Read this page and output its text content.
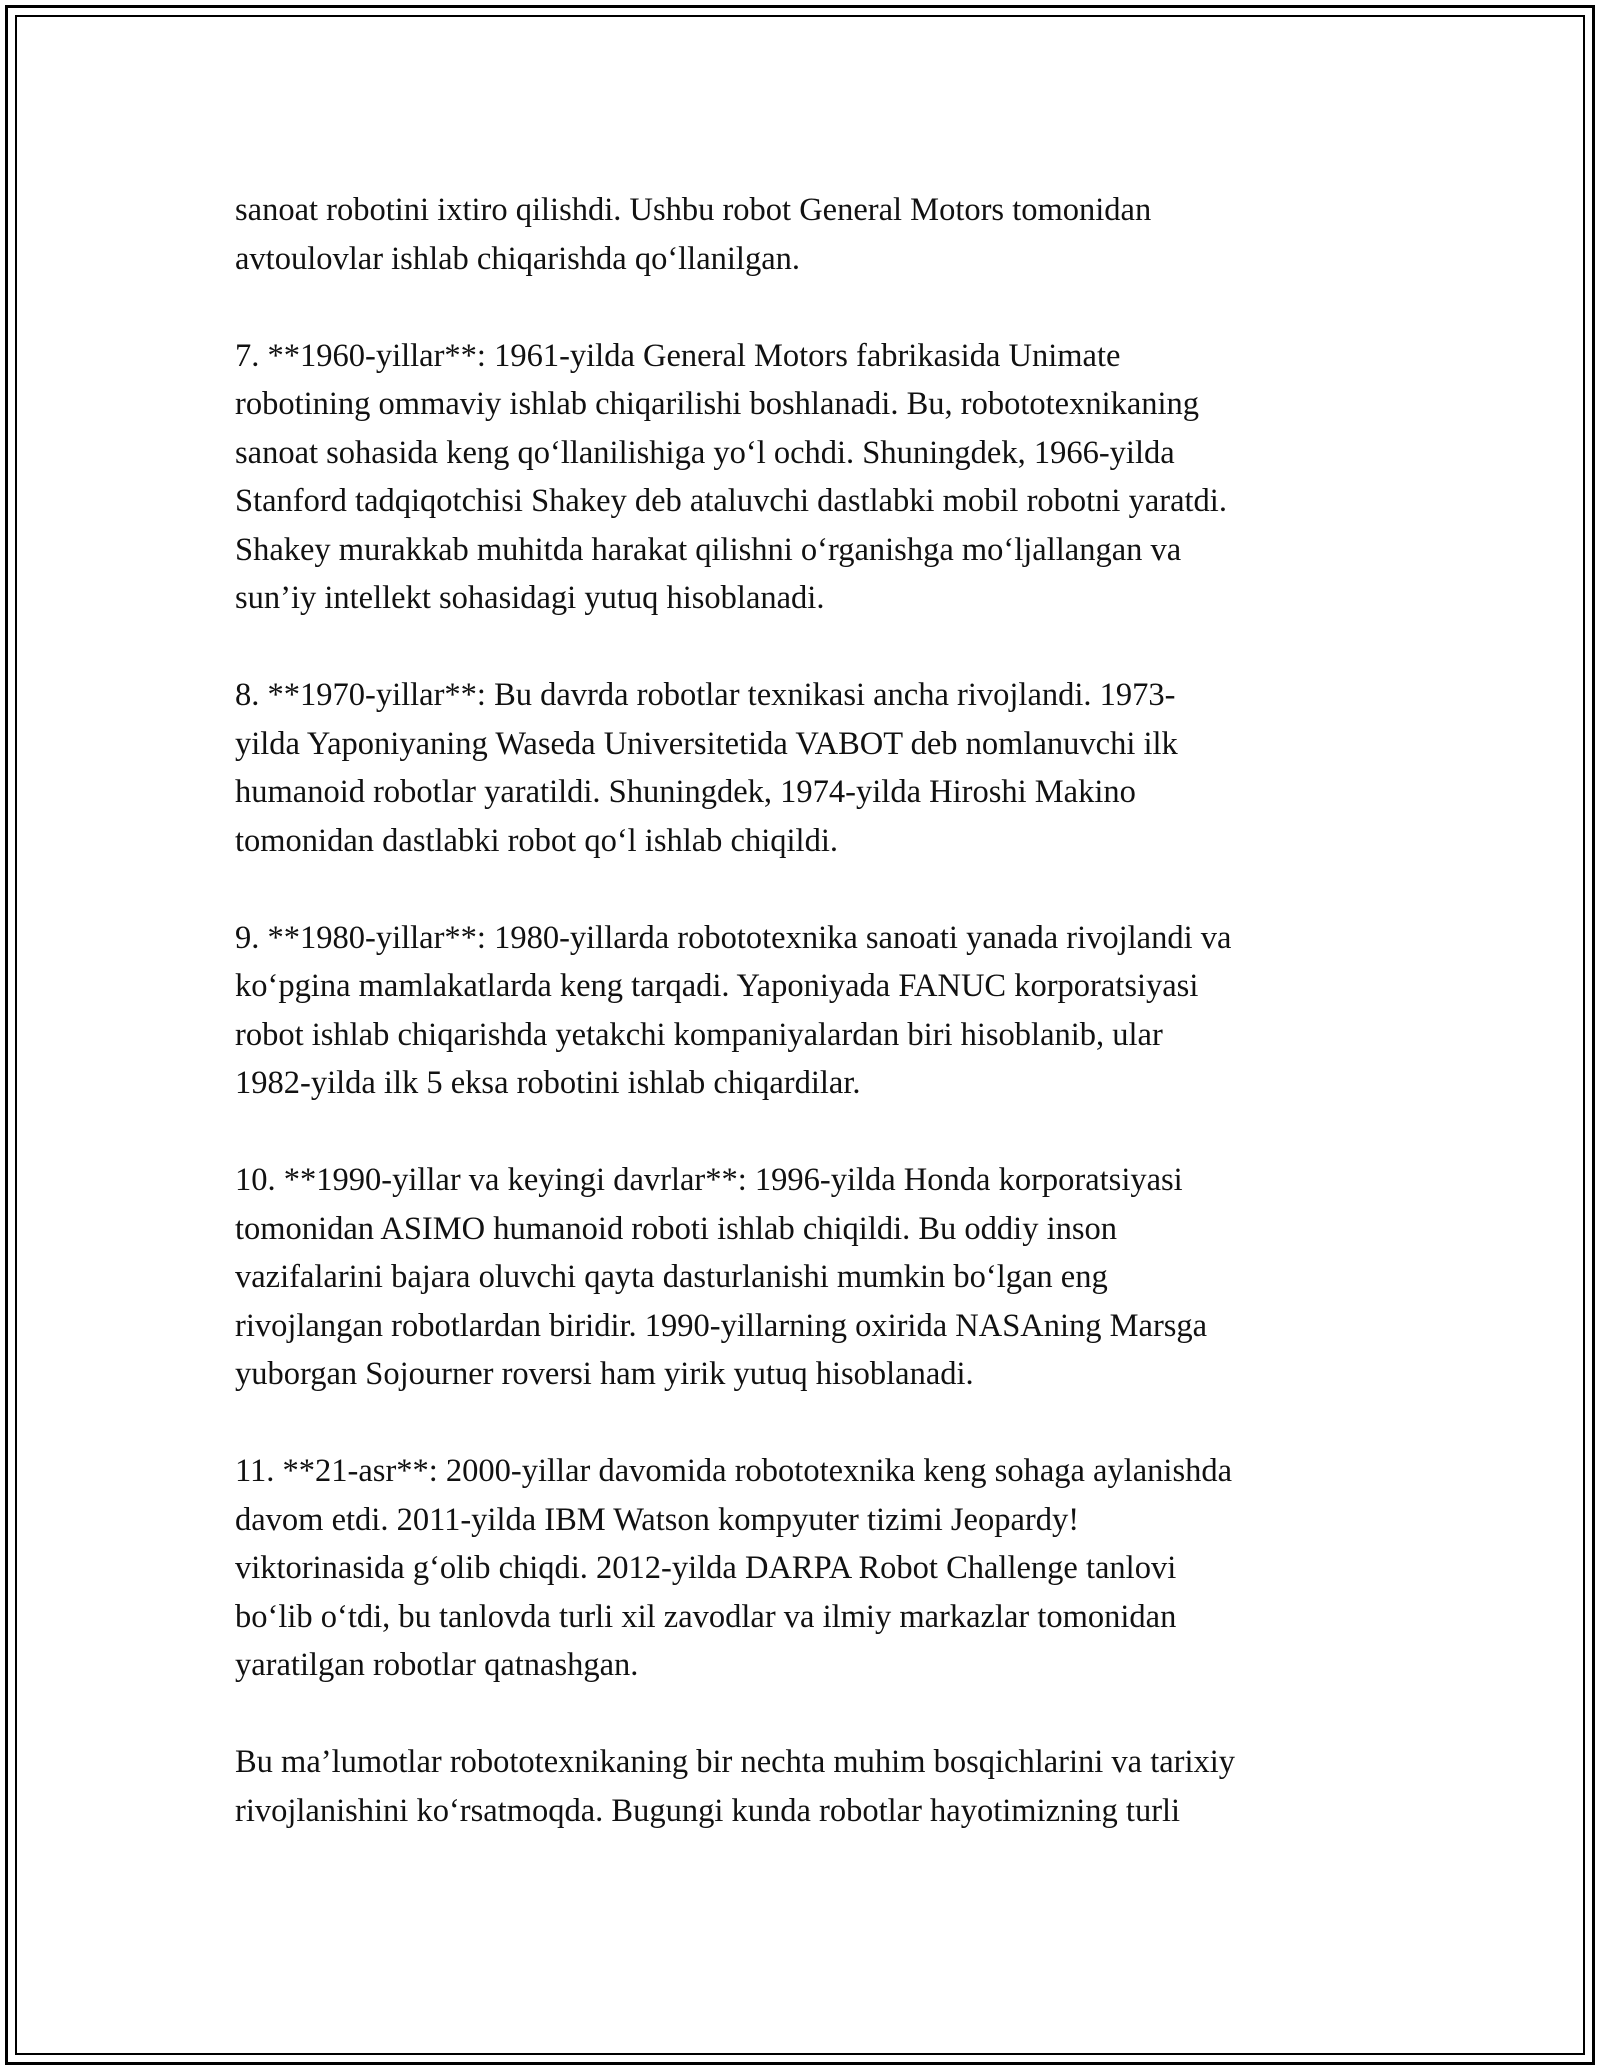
sanoat robotini ixtiro qilishdi. Ushbu robot General Motors tomonidan
avtoulovlar ishlab chiqarishda qo‘llanilgan.

7. **1960-yillar**: 1961-yilda General Motors fabrikasida Unimate
robotining ommaviy ishlab chiqarilishi boshlanadi. Bu, robototexnikaning
sanoat sohasida keng qo‘llanilishiga yo‘l ochdi. Shuningdek, 1966-yilda
Stanford tadqiqotchisi Shakey deb ataluvchi dastlabki mobil robotni yaratdi.
Shakey murakkab muhitda harakat qilishni o‘rganishga mo‘ljallangan va
sun’iy intellekt sohasidagi yutuq hisoblanadi.

8. **1970-yillar**: Bu davrda robotlar texnikasi ancha rivojlandi. 1973-
yilda Yaponiyaning Waseda Universitetida VABOT deb nomlanuvchi ilk
humanoid robotlar yaratildi. Shuningdek, 1974-yilda Hiroshi Makino
tomonidan dastlabki robot qo‘l ishlab chiqildi.

9. **1980-yillar**: 1980-yillarda robototexnika sanoati yanada rivojlandi va
ko‘pgina mamlakatlarda keng tarqadi. Yaponiyada FANUC korporatsiyasi
robot ishlab chiqarishda yetakchi kompaniyalardan biri hisoblanib, ular
1982-yilda ilk 5 eksa robotini ishlab chiqardilar.

10. **1990-yillar va keyingi davrlar**: 1996-yilda Honda korporatsiyasi
tomonidan ASIMO humanoid roboti ishlab chiqildi. Bu oddiy inson
vazifalarini bajara oluvchi qayta dasturlanishi mumkin bo‘lgan eng
rivojlangan robotlardan biridir. 1990-yillarning oxirida NASAning Marsga
yuborgan Sojourner roversi ham yirik yutuq hisoblanadi.

11. **21-asr**: 2000-yillar davomida robototexnika keng sohaga aylanishda
davom etdi. 2011-yilda IBM Watson kompyuter tizimi Jeopardy!
viktorinasida g‘olib chiqdi. 2012-yilda DARPA Robot Challenge tanlovi
bo‘lib o‘tdi, bu tanlovda turli xil zavodlar va ilmiy markazlar tomonidan
yaratilgan robotlar qatnashgan.

Bu ma’lumotlar robototexnikaning bir nechta muhim bosqichlarini va tarixiy
rivojlanishini ko‘rsatmoqda. Bugungi kunda robotlar hayotimizning turli
